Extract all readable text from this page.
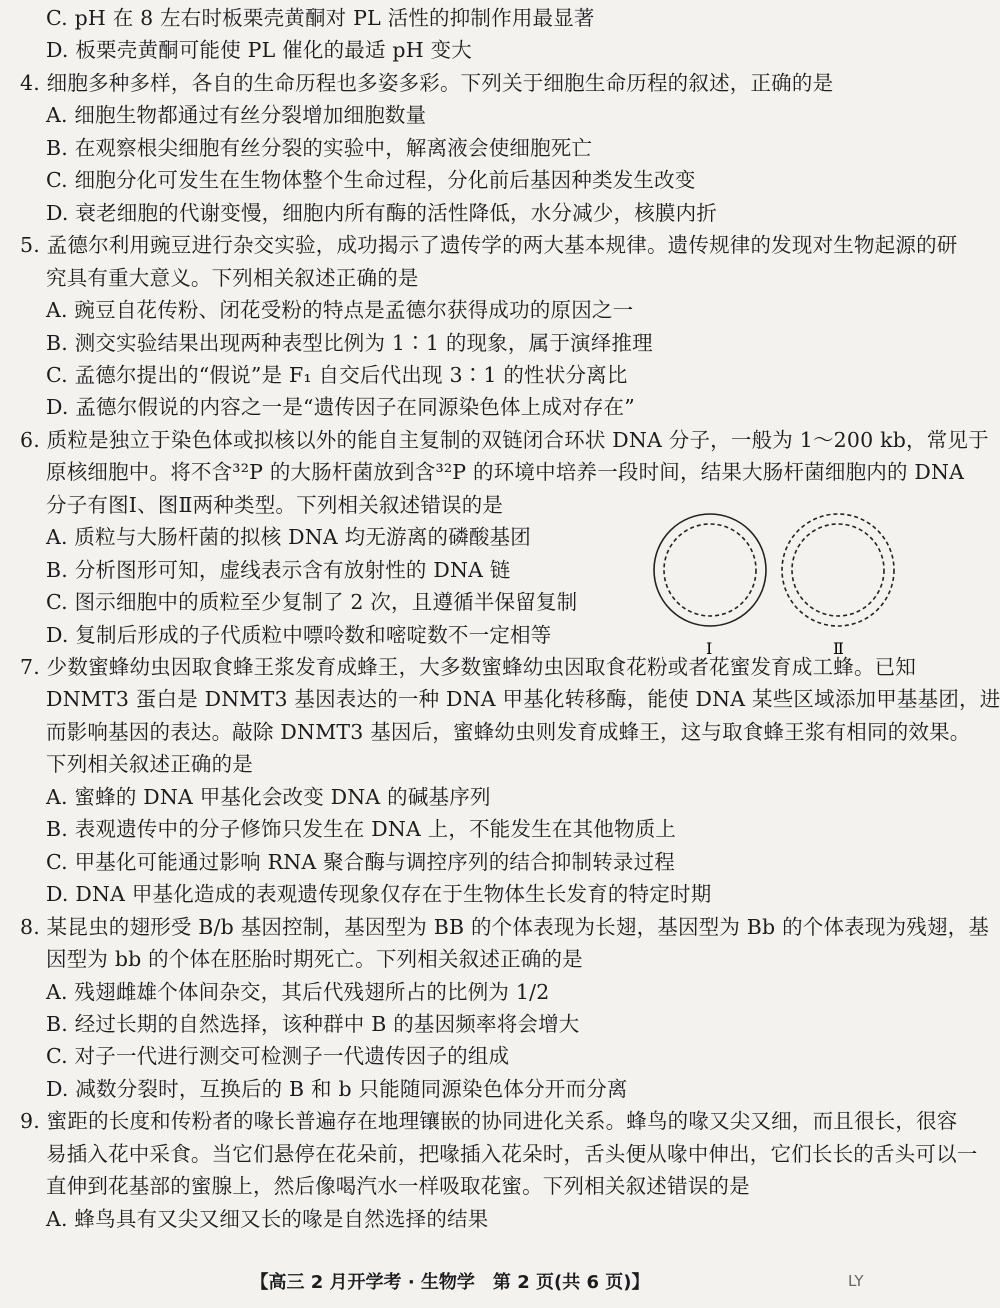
C. pH 在 8 左右时板栗壳黄酮对 PL 活性的抑制作用最显著
D. 板栗壳黄酮可能使 PL 催化的最适 pH 变大
4. 细胞多种多样，各自的生命历程也多姿多彩。下列关于细胞生命历程的叙述，正确的是
A. 细胞生物都通过有丝分裂增加细胞数量
B. 在观察根尖细胞有丝分裂的实验中，解离液会使细胞死亡
C. 细胞分化可发生在生物体整个生命过程，分化前后基因种类发生改变
D. 衰老细胞的代谢变慢，细胞内所有酶的活性降低，水分减少，核膜内折
5. 孟德尔利用豌豆进行杂交实验，成功揭示了遗传学的两大基本规律。遗传规律的发现对生物起源的研
究具有重大意义。下列相关叙述正确的是
A. 豌豆自花传粉、闭花受粉的特点是孟德尔获得成功的原因之一
B. 测交实验结果出现两种表型比例为 1∶1 的现象，属于演绎推理
C. 孟德尔提出的“假说”是 F₁ 自交后代出现 3∶1 的性状分离比
D. 孟德尔假说的内容之一是“遗传因子在同源染色体上成对存在”
6. 质粒是独立于染色体或拟核以外的能自主复制的双链闭合环状 DNA 分子，一般为 1～200 kb，常见于
原核细胞中。将不含³²P 的大肠杆菌放到含³²P 的环境中培养一段时间，结果大肠杆菌细胞内的 DNA
分子有图Ⅰ、图Ⅱ两种类型。下列相关叙述错误的是
A. 质粒与大肠杆菌的拟核 DNA 均无游离的磷酸基团
B. 分析图形可知，虚线表示含有放射性的 DNA 链
C. 图示细胞中的质粒至少复制了 2 次，且遵循半保留复制
D. 复制后形成的子代质粒中嘌呤数和嘧啶数不一定相等
7. 少数蜜蜂幼虫因取食蜂王浆发育成蜂王，大多数蜜蜂幼虫因取食花粉或者花蜜发育成工蜂。已知
DNMT3 蛋白是 DNMT3 基因表达的一种 DNA 甲基化转移酶，能使 DNA 某些区域添加甲基基团，进
而影响基因的表达。敲除 DNMT3 基因后，蜜蜂幼虫则发育成蜂王，这与取食蜂王浆有相同的效果。
下列相关叙述正确的是
A. 蜜蜂的 DNA 甲基化会改变 DNA 的碱基序列
B. 表观遗传中的分子修饰只发生在 DNA 上，不能发生在其他物质上
C. 甲基化可能通过影响 RNA 聚合酶与调控序列的结合抑制转录过程
D. DNA 甲基化造成的表观遗传现象仅存在于生物体生长发育的特定时期
8. 某昆虫的翅形受 B/b 基因控制，基因型为 BB 的个体表现为长翅，基因型为 Bb 的个体表现为残翅，基
因型为 bb 的个体在胚胎时期死亡。下列相关叙述正确的是
A. 残翅雌雄个体间杂交，其后代残翅所占的比例为 1/2
B. 经过长期的自然选择，该种群中 B 的基因频率将会增大
C. 对子一代进行测交可检测子一代遗传因子的组成
D. 减数分裂时，互换后的 B 和 b 只能随同源染色体分开而分离
9. 蜜距的长度和传粉者的喙长普遍存在地理镶嵌的协同进化关系。蜂鸟的喙又尖又细，而且很长，很容
易插入花中采食。当它们悬停在花朵前，把喙插入花朵时，舌头便从喙中伸出，它们长长的舌头可以一
直伸到花基部的蜜腺上，然后像喝汽水一样吸取花蜜。下列相关叙述错误的是
A. 蜂鸟具有又尖又细又长的喙是自然选择的结果
Ⅰ	Ⅱ
【高三 2 月开学考 · 生物学　第 2 页(共 6 页)】	LY
